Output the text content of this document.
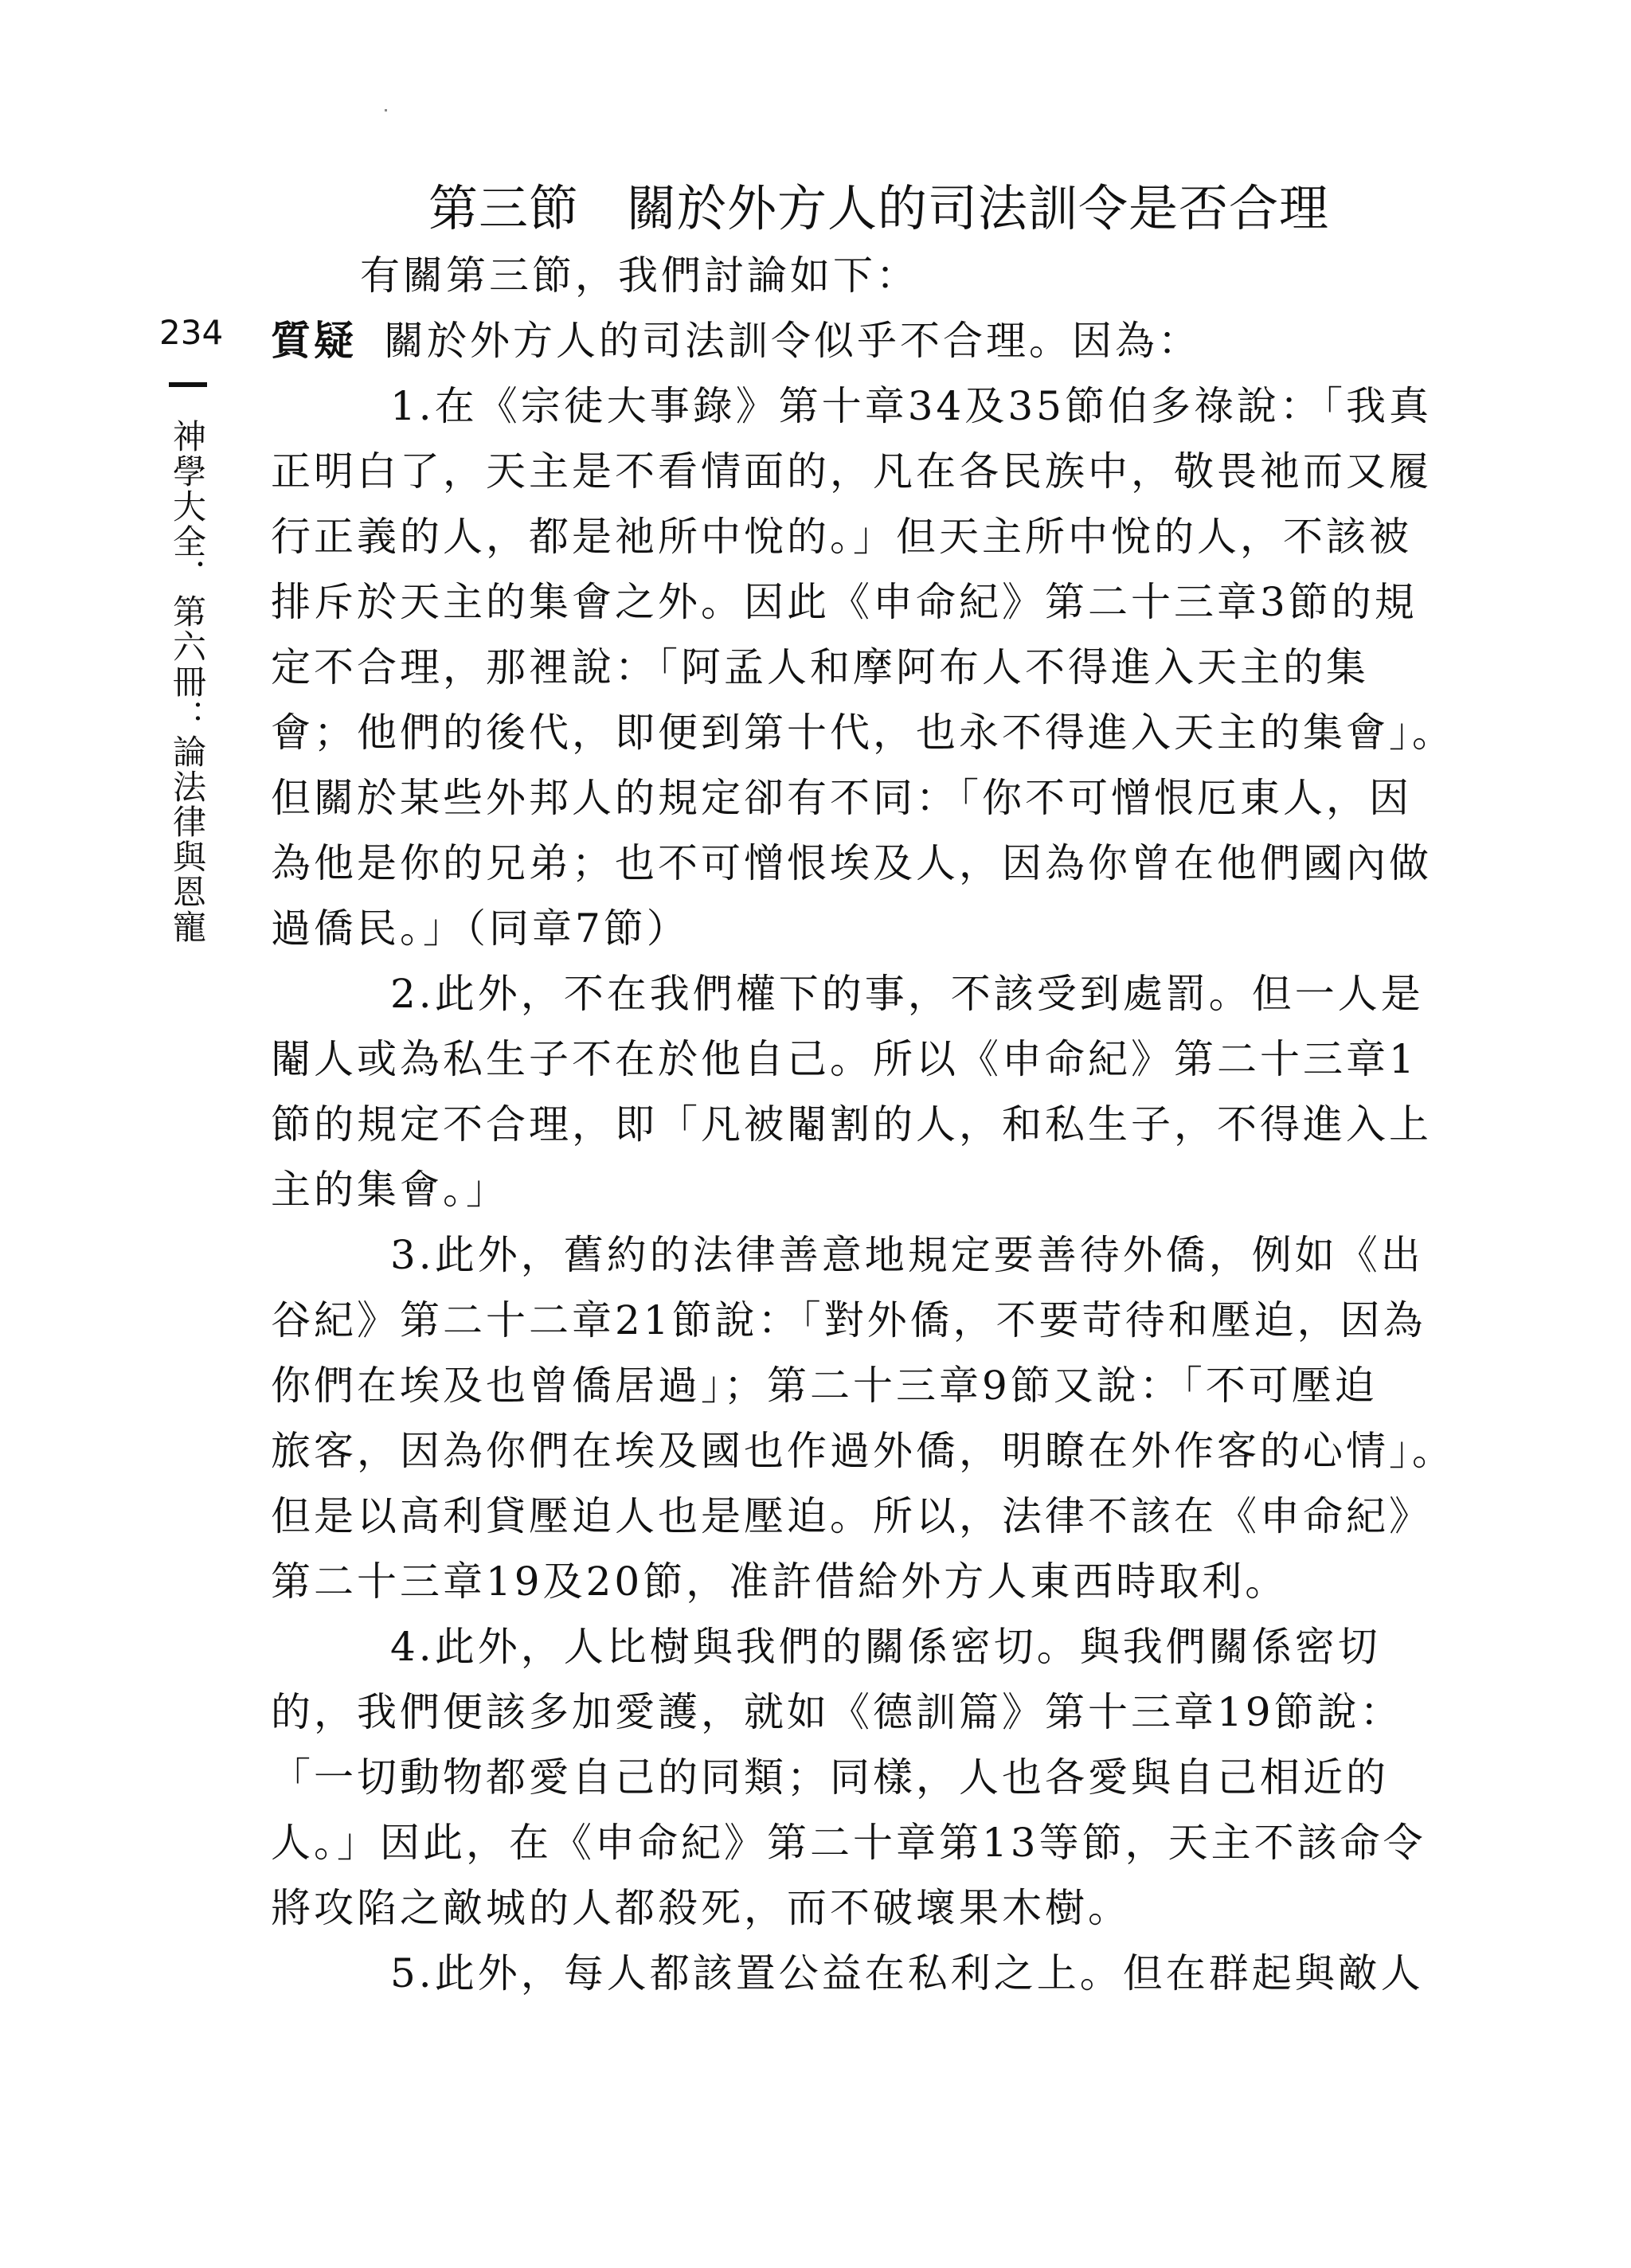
第三節 關於外方人的司法訓令是否合理
234
神學大全．第六冊：論法律與恩寵
有關第三節，我們討論如下：
質疑 關於外方人的司法訓令似乎不合理。因為：
1.在《宗徒大事錄》第十章34及35節伯多祿說：「我真
正明白了，天主是不看情面的，凡在各民族中，敬畏祂而又履
行正義的人，都是祂所中悅的。」但天主所中悅的人，不該被
排斥於天主的集會之外。因此《申命紀》第二十三章3節的規
定不合理，那裡說：「阿孟人和摩阿布人不得進入天主的集
會；他們的後代，即便到第十代，也永不得進入天主的集會」。
但關於某些外邦人的規定卻有不同：「你不可憎恨厄東人，因
為他是你的兄弟；也不可憎恨埃及人，因為你曾在他們國內做
過僑民。」（同章7節）
2.此外，不在我們權下的事，不該受到處罰。但一人是
閹人或為私生子不在於他自己。所以《申命紀》第二十三章1
節的規定不合理，即「凡被閹割的人，和私生子，不得進入上
主的集會。」
3.此外，舊約的法律善意地規定要善待外僑，例如《出
谷紀》第二十二章21節說：「對外僑，不要苛待和壓迫，因為
你們在埃及也曾僑居過」；第二十三章9節又說：「不可壓迫
旅客，因為你們在埃及國也作過外僑，明瞭在外作客的心情」。
但是以高利貸壓迫人也是壓迫。所以，法律不該在《申命紀》
第二十三章19及20節，准許借給外方人東西時取利。
4.此外，人比樹與我們的關係密切。與我們關係密切
的，我們便該多加愛護，就如《德訓篇》第十三章19節說：
「一切動物都愛自己的同類；同樣，人也各愛與自己相近的
人。」因此，在《申命紀》第二十章第13等節，天主不該命令
將攻陷之敵城的人都殺死，而不破壞果木樹。
5.此外，每人都該置公益在私利之上。但在群起與敵人
